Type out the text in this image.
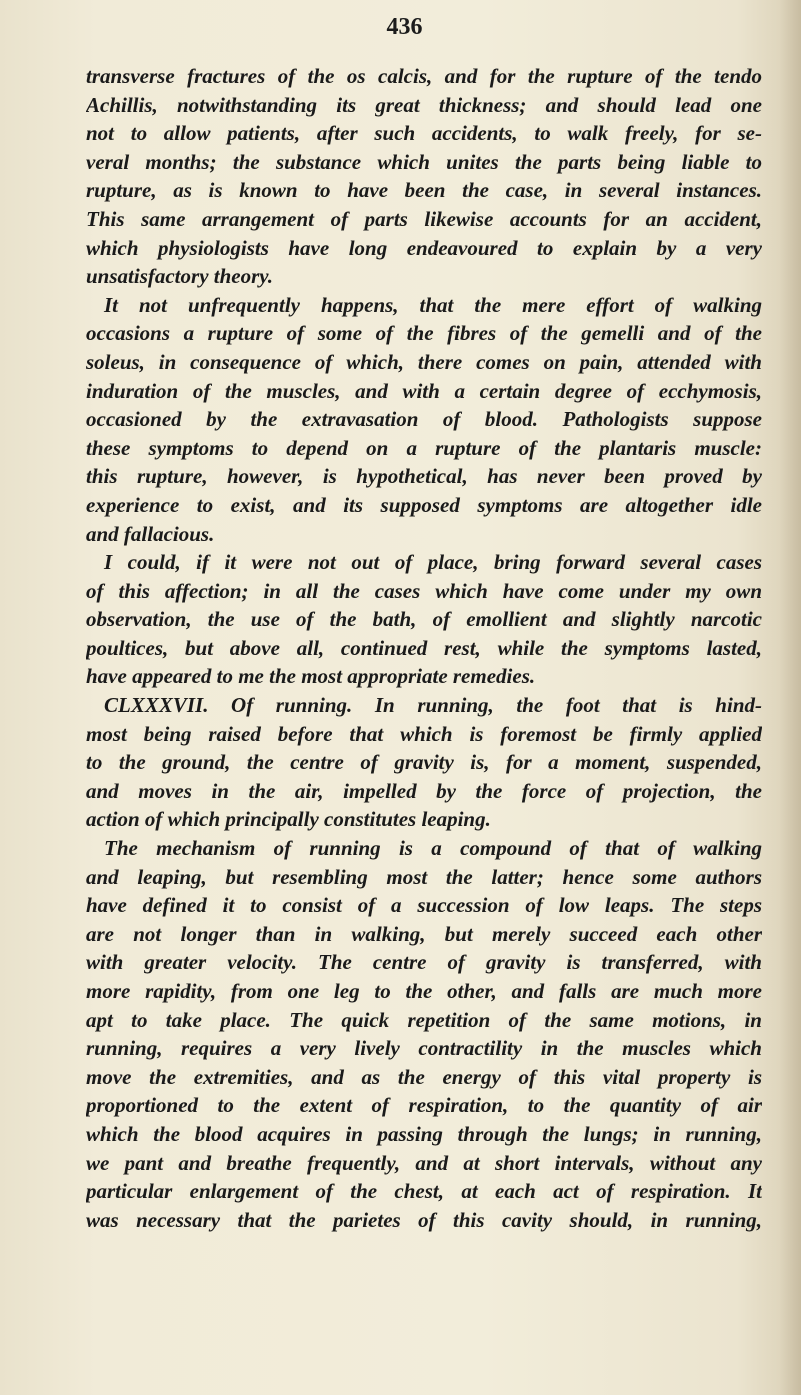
436
transverse fractures of the os calcis, and for the rupture of the tendo
Achillis, notwithstanding its great thickness; and should lead one
not to allow patients, after such accidents, to walk freely, for se-
veral months; the substance which unites the parts being liable to
rupture, as is known to have been the case, in several instances.
This same arrangement of parts likewise accounts for an accident,
which physiologists have long endeavoured to explain by a very
unsatisfactory theory.
It not unfrequently happens, that the mere effort of walking
occasions a rupture of some of the fibres of the gemelli and of the
soleus, in consequence of which, there comes on pain, attended with
induration of the muscles, and with a certain degree of ecchymosis,
occasioned by the extravasation of blood. Pathologists suppose
these symptoms to depend on a rupture of the plantaris muscle:
this rupture, however, is hypothetical, has never been proved by
experience to exist, and its supposed symptoms are altogether idle
and fallacious.
I could, if it were not out of place, bring forward several cases
of this affection; in all the cases which have come under my own
observation, the use of the bath, of emollient and slightly narcotic
poultices, but above all, continued rest, while the symptoms lasted,
have appeared to me the most appropriate remedies.
CLXXXVII. Of running. In running, the foot that is hind-
most being raised before that which is foremost be firmly applied
to the ground, the centre of gravity is, for a moment, suspended,
and moves in the air, impelled by the force of projection, the
action of which principally constitutes leaping.
The mechanism of running is a compound of that of walking
and leaping, but resembling most the latter; hence some authors
have defined it to consist of a succession of low leaps. The steps
are not longer than in walking, but merely succeed each other
with greater velocity. The centre of gravity is transferred, with
more rapidity, from one leg to the other, and falls are much more
apt to take place. The quick repetition of the same motions, in
running, requires a very lively contractility in the muscles which
move the extremities, and as the energy of this vital property is
proportioned to the extent of respiration, to the quantity of air
which the blood acquires in passing through the lungs; in running,
we pant and breathe frequently, and at short intervals, without any
particular enlargement of the chest, at each act of respiration. It
was necessary that the parietes of this cavity should, in running,
